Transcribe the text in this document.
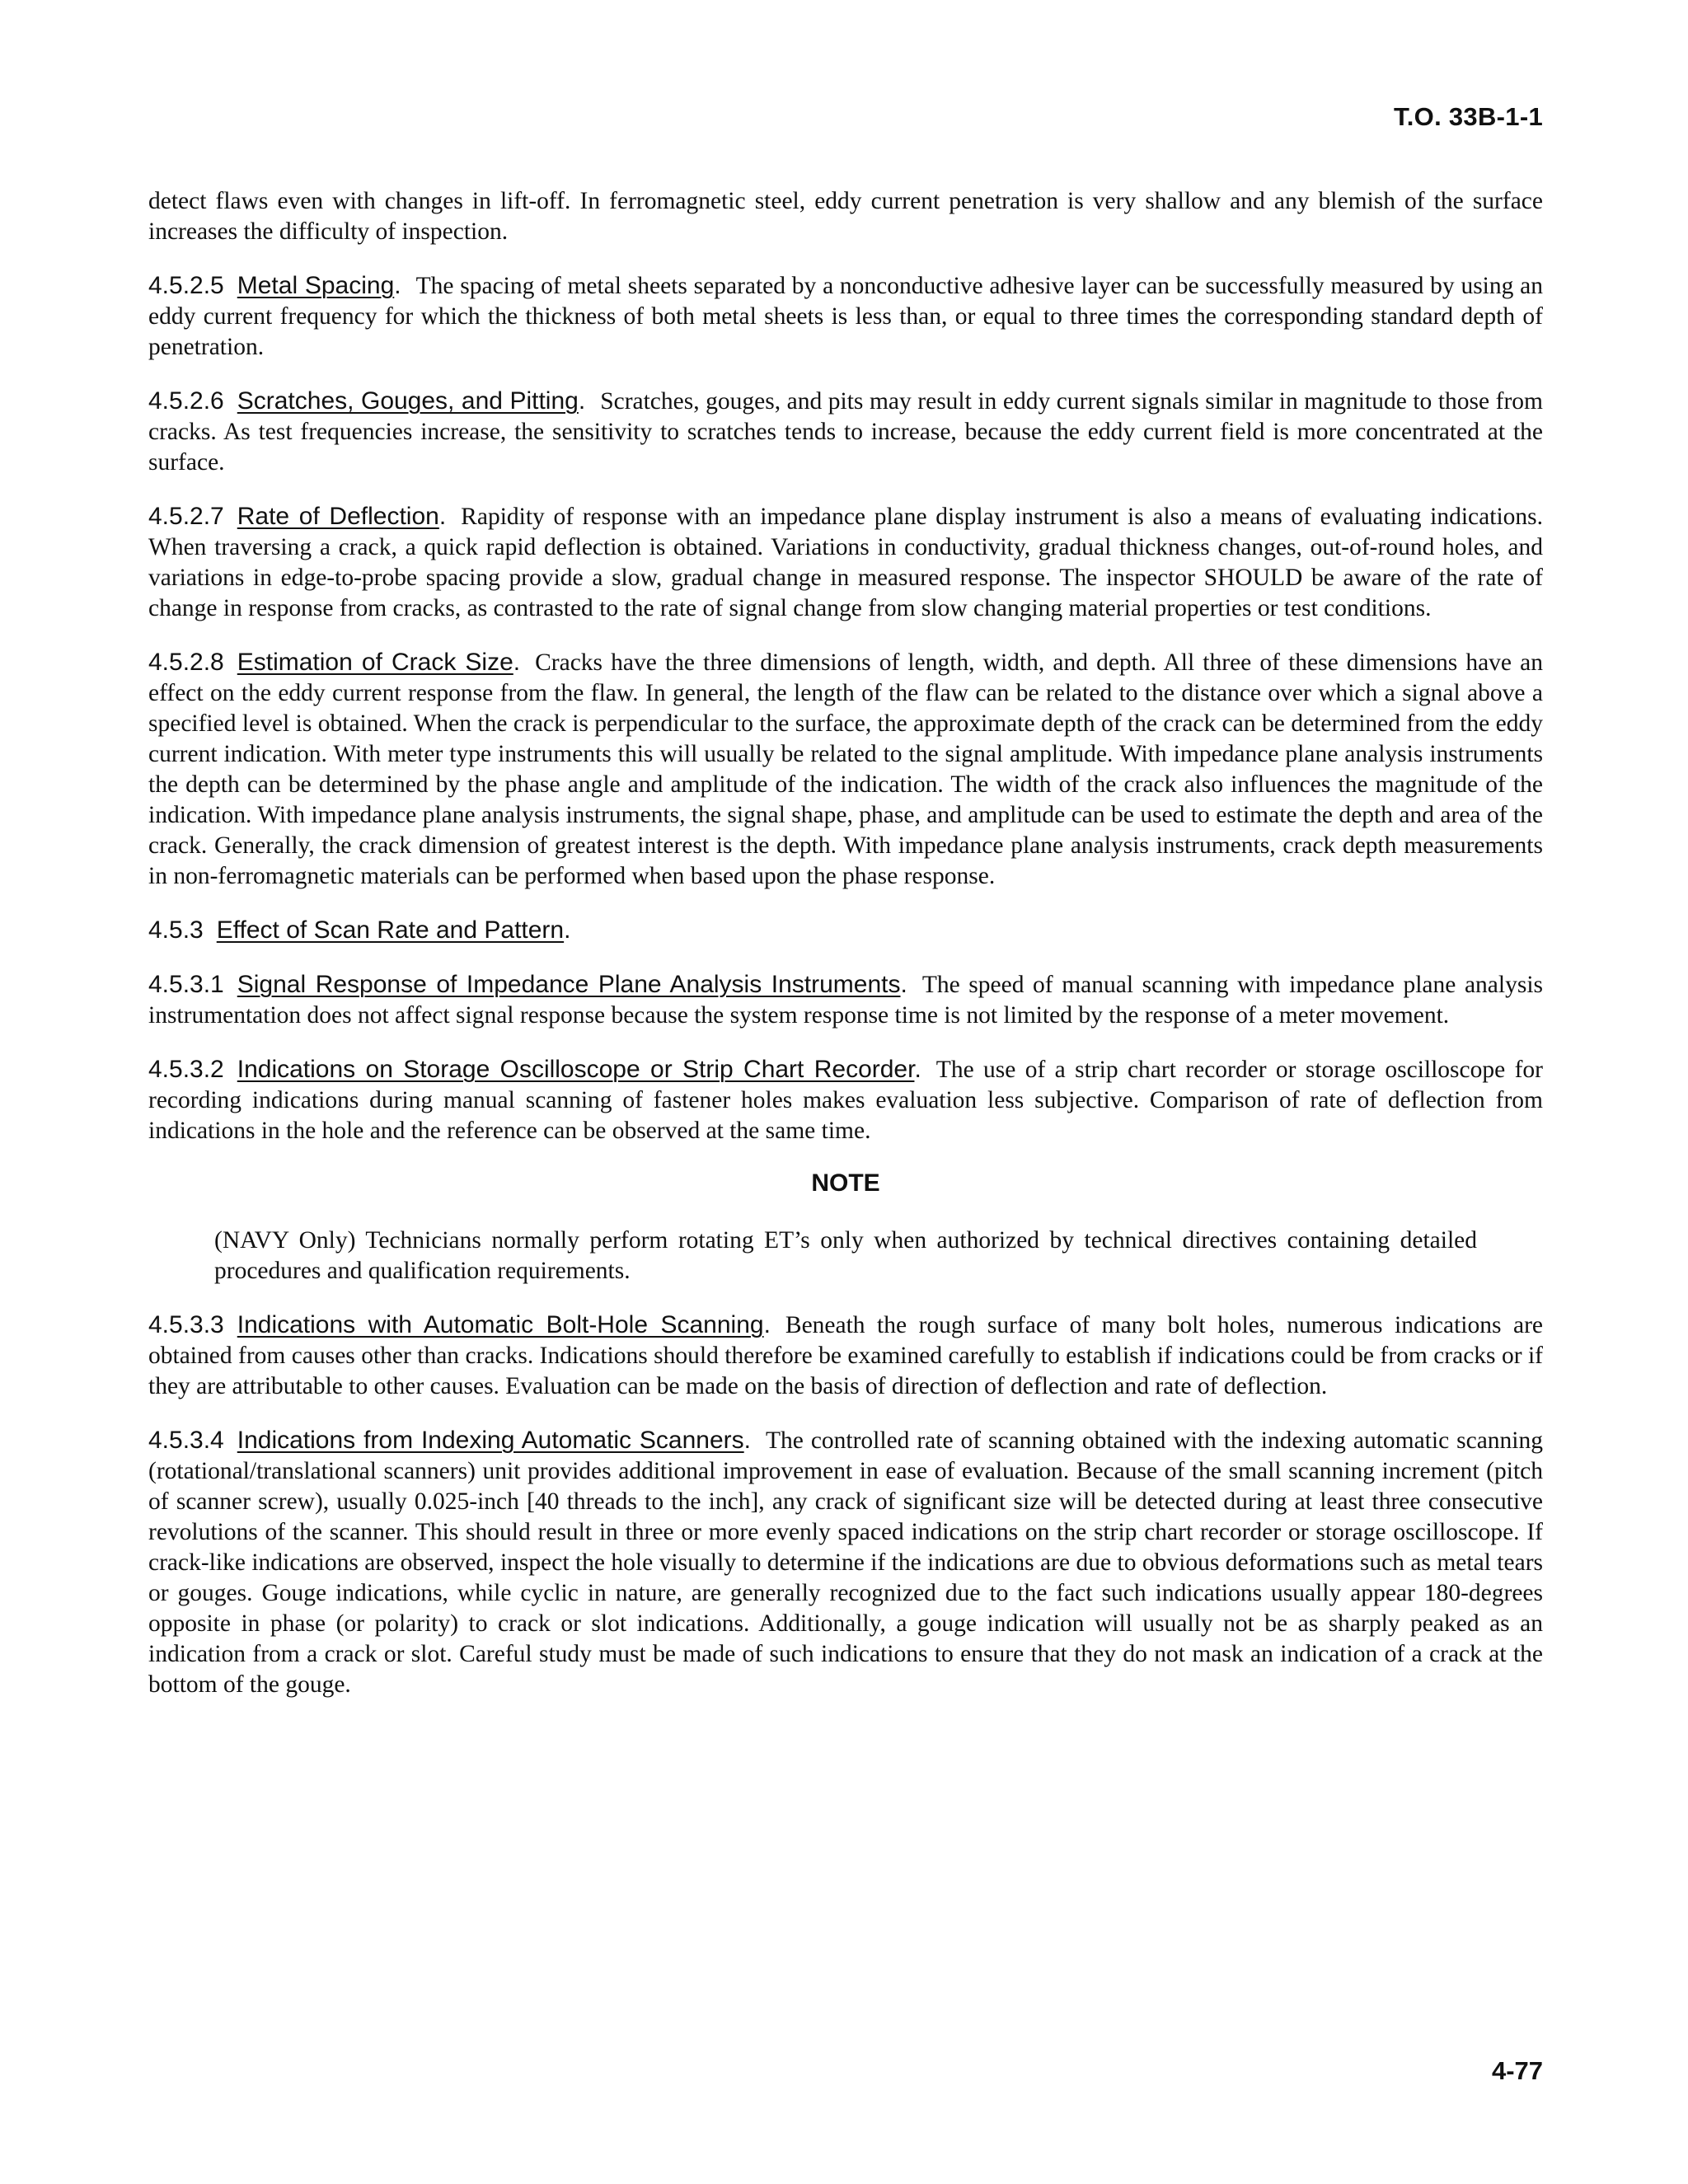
T.O. 33B-1-1

detect flaws even with changes in lift-off. In ferromagnetic steel, eddy current penetration is very shallow and any blemish of the surface increases the difficulty of inspection.

4.5.2.5 Metal Spacing. The spacing of metal sheets separated by a nonconductive adhesive layer can be successfully measured by using an eddy current frequency for which the thickness of both metal sheets is less than, or equal to three times the corresponding standard depth of penetration.

4.5.2.6 Scratches, Gouges, and Pitting. Scratches, gouges, and pits may result in eddy current signals similar in magnitude to those from cracks. As test frequencies increase, the sensitivity to scratches tends to increase, because the eddy current field is more concentrated at the surface.

4.5.2.7 Rate of Deflection. Rapidity of response with an impedance plane display instrument is also a means of evaluating indications. When traversing a crack, a quick rapid deflection is obtained. Variations in conductivity, gradual thickness changes, out-of-round holes, and variations in edge-to-probe spacing provide a slow, gradual change in measured response. The inspector SHOULD be aware of the rate of change in response from cracks, as contrasted to the rate of signal change from slow changing material properties or test conditions.

4.5.2.8 Estimation of Crack Size. Cracks have the three dimensions of length, width, and depth. All three of these dimensions have an effect on the eddy current response from the flaw. In general, the length of the flaw can be related to the distance over which a signal above a specified level is obtained. When the crack is perpendicular to the surface, the approximate depth of the crack can be determined from the eddy current indication. With meter type instruments this will usually be related to the signal amplitude. With impedance plane analysis instruments the depth can be determined by the phase angle and amplitude of the indication. The width of the crack also influences the magnitude of the indication. With impedance plane analysis instruments, the signal shape, phase, and amplitude can be used to estimate the depth and area of the crack. Generally, the crack dimension of greatest interest is the depth. With impedance plane analysis instruments, crack depth measurements in non-ferromagnetic materials can be performed when based upon the phase response.

4.5.3 Effect of Scan Rate and Pattern.

4.5.3.1 Signal Response of Impedance Plane Analysis Instruments. The speed of manual scanning with impedance plane analysis instrumentation does not affect signal response because the system response time is not limited by the response of a meter movement.

4.5.3.2 Indications on Storage Oscilloscope or Strip Chart Recorder. The use of a strip chart recorder or storage oscilloscope for recording indications during manual scanning of fastener holes makes evaluation less subjective. Comparison of rate of deflection from indications in the hole and the reference can be observed at the same time.

NOTE

(NAVY Only) Technicians normally perform rotating ET’s only when authorized by technical directives containing detailed procedures and qualification requirements.

4.5.3.3 Indications with Automatic Bolt-Hole Scanning. Beneath the rough surface of many bolt holes, numerous indications are obtained from causes other than cracks. Indications should therefore be examined carefully to establish if indications could be from cracks or if they are attributable to other causes. Evaluation can be made on the basis of direction of deflection and rate of deflection.

4.5.3.4 Indications from Indexing Automatic Scanners. The controlled rate of scanning obtained with the indexing automatic scanning (rotational/translational scanners) unit provides additional improvement in ease of evaluation. Because of the small scanning increment (pitch of scanner screw), usually 0.025-inch [40 threads to the inch], any crack of significant size will be detected during at least three consecutive revolutions of the scanner. This should result in three or more evenly spaced indications on the strip chart recorder or storage oscilloscope. If crack-like indications are observed, inspect the hole visually to determine if the indications are due to obvious deformations such as metal tears or gouges. Gouge indications, while cyclic in nature, are generally recognized due to the fact such indications usually appear 180-degrees opposite in phase (or polarity) to crack or slot indications. Additionally, a gouge indication will usually not be as sharply peaked as an indication from a crack or slot. Careful study must be made of such indications to ensure that they do not mask an indication of a crack at the bottom of the gouge.

4-77
